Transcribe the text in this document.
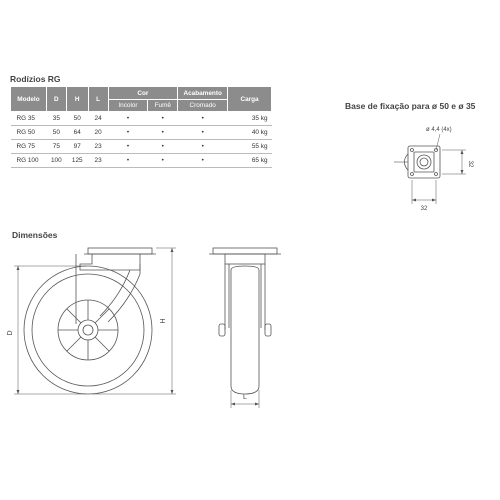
Rodízios RG
Modelo	D	H	L	Cor		Acabamento	Carga
				Incolor	Fumê	Cromado	
RG 35	35	50	24	•	•	•	35 kg
RG 50	50	64	20	•	•	•	40 kg
RG 75	75	97	23	•	•	•	55 kg
RG 100	100	125	23	•	•	•	65 kg
Base de fixação para ø 50 e ø 35
ø 4,4 (4x)
32
32
Dimensões
D
H
L
